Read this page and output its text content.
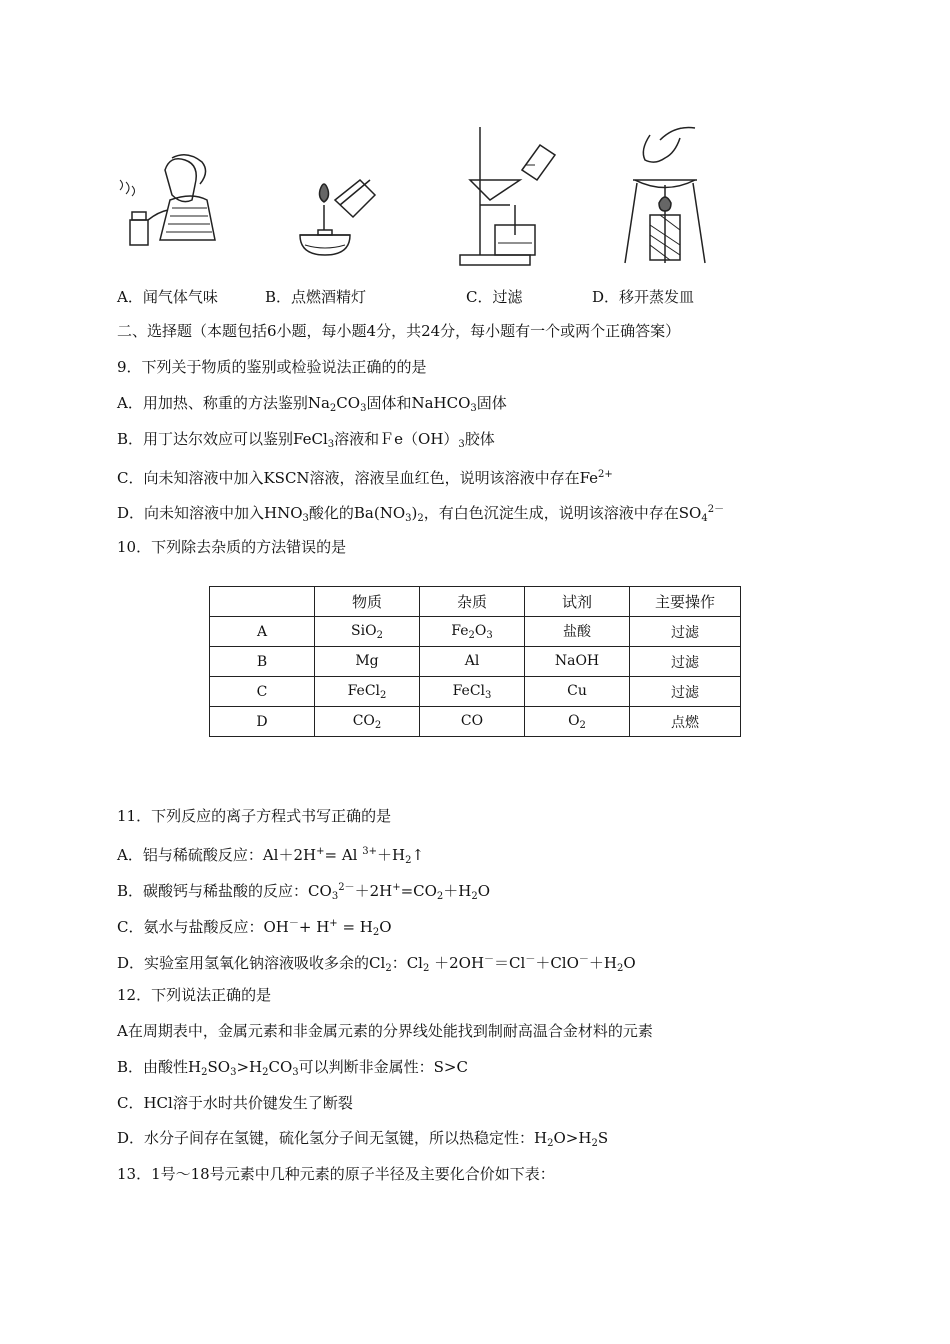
A．闻气体气味	B．点燃酒精灯	C．过滤	D．移开蒸发皿
二、选择题（本题包括6小题，每小题4分，共24分，每小题有一个或两个正确答案）
9．下列关于物质的鉴别或检验说法正确的的是
A．用加热、称重的方法鉴别$Na_2CO_3$固体和NaHCO$_3$固体
B．用丁达尔效应可以鉴别FeCl$_3$溶液和$Fe(OH)_3$胶体
C．向未知溶液中加入KSCN溶液，溶液呈血红色，说明该溶液中存在$Fe^{2+}$
D．向未知溶液中加入$HNO_3$酸化的$Ba(NO_3)_2$，有白色沉淀生成，说明该溶液中存在$SO_4^{2-}$
10．下列除去杂质的方法错误的是
	物质	杂质	试剂	主要操作
A	SiO$_2$	$Fe_2O_3$	盐酸	过滤
B	Mg	Al	NaOH	过滤
C	FeCl$_2$	FeCl$_3$	Cu	过滤
D	$CO_2$	CO	$O_2$	点燃
11．下列反应的离子方程式书写正确的是
A．铝与稀硫酸反应：Al＋2H+= Al $^{3+}+H_2↑$
B．碳酸钙与稀盐酸的反应：$CO_3^{2-}+2H^+=CO_2+H_2O$
C．氨水与盐酸反应：$OH^-+ H^+ = H_2O$
D．实验室用氢氧化钠溶液吸收多余的$Cl_2$：$Cl_2 +2OH^-=Cl^-+ClO^-+H_2O$
12．下列说法正确的是
A在周期表中，金属元素和非金属元素的分界线处能找到制耐高温合金材料的元素
B．由酸性$H_2SO_3>H_2CO_3$可以判断非金属性：S>C
C．HCl溶于水时共价键发生了断裂
D．水分子间存在氢键，硫化氢分子间无氢键，所以热稳定性：$H_2O>H_2S$
13．1号～18号元素中几种元素的原子半径及主要化合价如下表：
